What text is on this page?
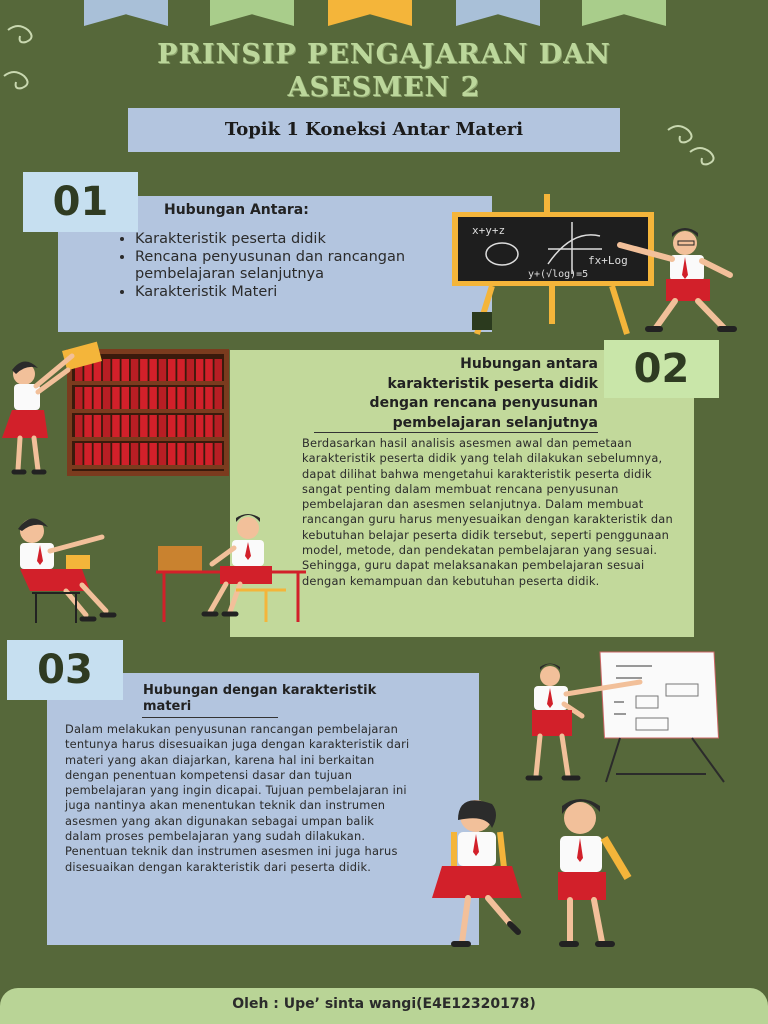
PRINSIP PENGAJARAN DAN
ASESMEN 2
Topik 1 Koneksi Antar Materi
01	Hubungan Antara:
• Karakteristik peserta didik
• Rencana penyusunan dan rancangan pembelajaran selanjutnya
• Karakteristik Materi
x+y+z
fx+Log
y+(√log)=5
02
Hubungan antara
karakteristik peserta didik
dengan rencana penyusunan
pembelajaran selanjutnya
Berdasarkan hasil analisis asesmen awal dan pemetaan karakteristik peserta didik yang telah dilakukan sebelumnya, dapat dilihat bahwa mengetahui karakteristik peserta didik sangat penting dalam membuat rencana penyusunan pembelajaran dan asesmen selanjutnya. Dalam membuat rancangan guru harus menyesuaikan dengan karakteristik dan kebutuhan belajar peserta didik tersebut, seperti penggunaan model, metode, dan pendekatan pembelajaran yang sesuai. Sehingga, guru dapat melaksanakan pembelajaran sesuai dengan kemampuan dan kebutuhan peserta didik.
03	Hubungan dengan karakteristik
materi
Dalam melakukan penyusunan rancangan pembelajaran tentunya harus disesuaikan juga dengan karakteristik dari materi yang akan diajarkan, karena hal ini berkaitan dengan penentuan kompetensi dasar dan tujuan pembelajaran yang ingin dicapai. Tujuan pembelajaran ini juga nantinya akan menentukan teknik dan instrumen asesmen yang akan digunakan sebagai umpan balik dalam proses pembelajaran yang sudah dilakukan. Penentuan teknik dan instrumen asesmen ini juga harus disesuaikan dengan karakteristik dari peserta didik.
Oleh : Upe’ sinta wangi(E4E12320178)
